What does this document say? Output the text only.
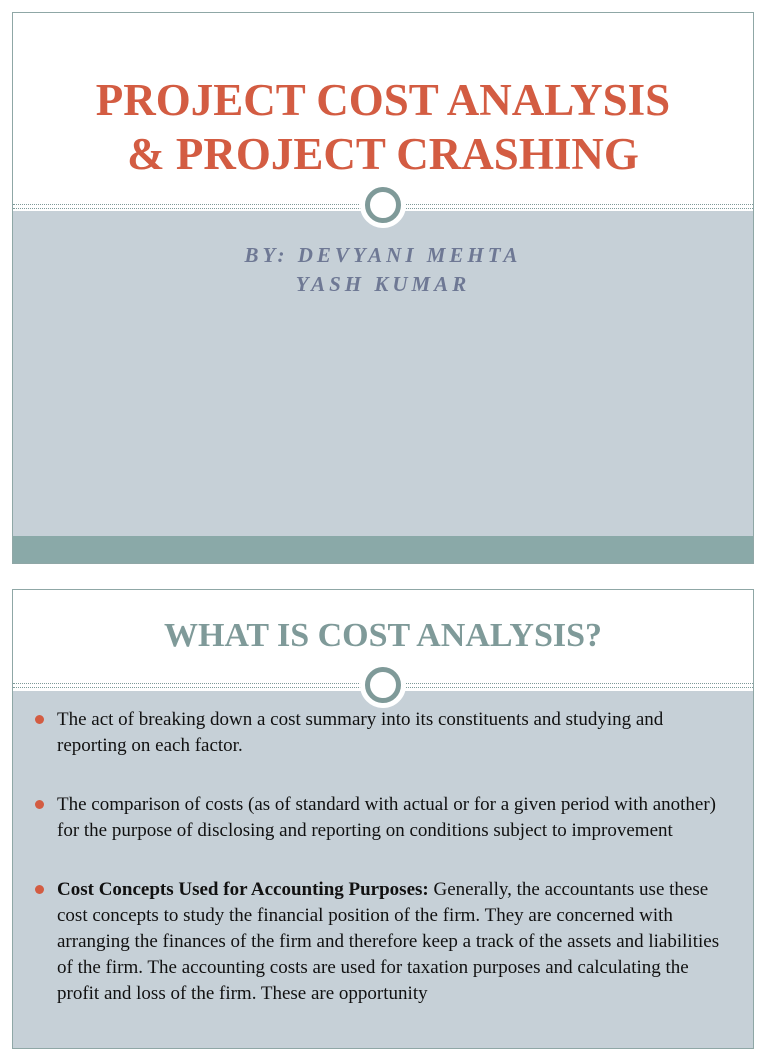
PROJECT COST ANALYSIS
& PROJECT CRASHING
BY: DEVYANI MEHTA
YASH KUMAR
WHAT IS COST ANALYSIS?
The act of breaking down a cost summary into its constituents and studying and reporting on each factor.
The comparison of costs (as of standard with actual or for a given period with another) for the purpose of disclosing and reporting on conditions subject to improvement
Cost Concepts Used for Accounting Purposes: Generally, the accountants use these cost concepts to study the financial position of the firm. They are concerned with arranging the finances of the firm and therefore keep a track of the assets and liabilities of the firm. The accounting costs are used for taxation purposes and calculating the profit and loss of the firm. These are opportunity
